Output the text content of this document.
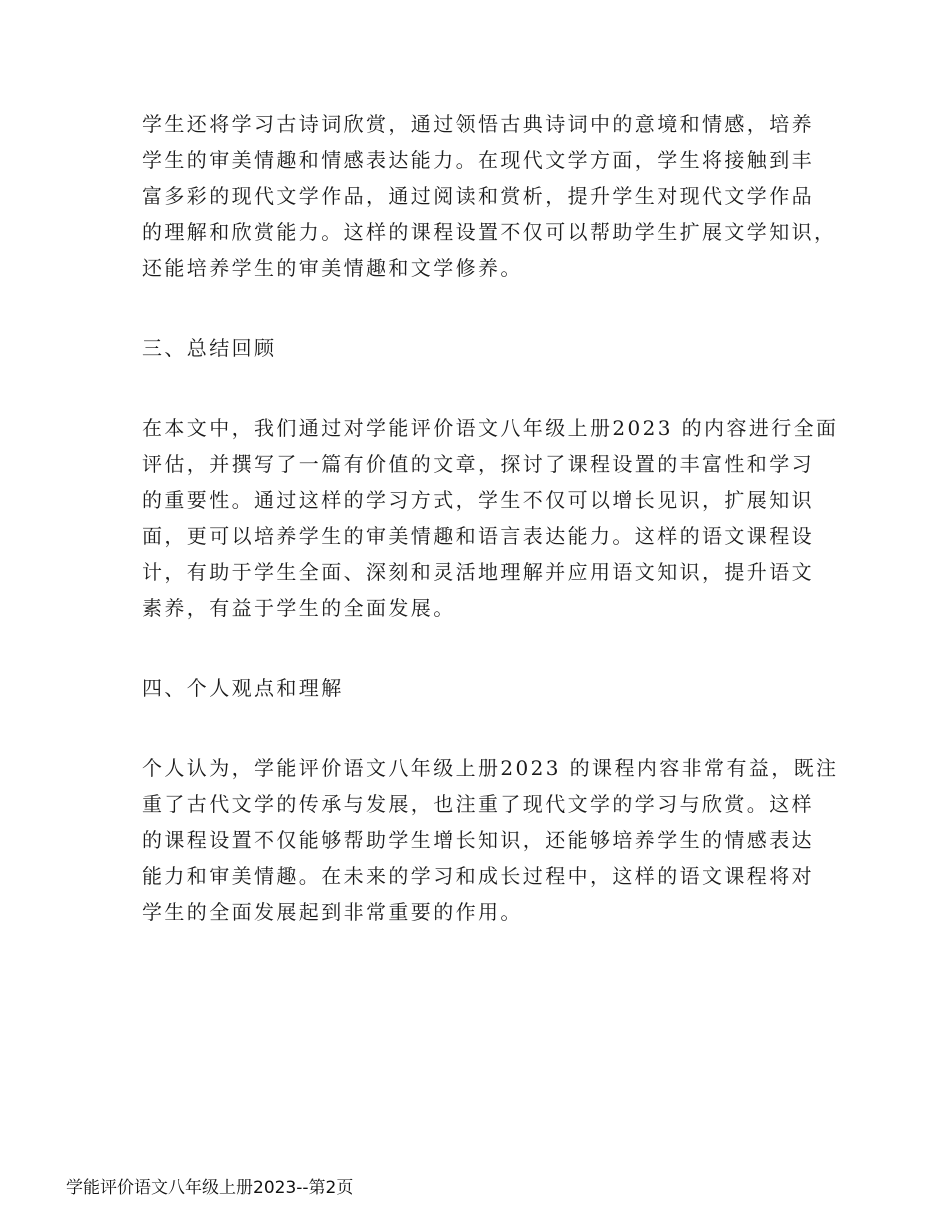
学生还将学习古诗词欣赏，通过领悟古典诗词中的意境和情感，培养
学生的审美情趣和情感表达能力。在现代文学方面，学生将接触到丰
富多彩的现代文学作品，通过阅读和赏析，提升学生对现代文学作品
的理解和欣赏能力。这样的课程设置不仅可以帮助学生扩展文学知识，
还能培养学生的审美情趣和文学修养。

三、总结回顾

在本文中，我们通过对学能评价语文八年级上册2023 的内容进行全面
评估，并撰写了一篇有价值的文章，探讨了课程设置的丰富性和学习
的重要性。通过这样的学习方式，学生不仅可以增长见识，扩展知识
面，更可以培养学生的审美情趣和语言表达能力。这样的语文课程设
计，有助于学生全面、深刻和灵活地理解并应用语文知识，提升语文
素养，有益于学生的全面发展。

四、个人观点和理解

个人认为，学能评价语文八年级上册2023 的课程内容非常有益，既注
重了古代文学的传承与发展，也注重了现代文学的学习与欣赏。这样
的课程设置不仅能够帮助学生增长知识，还能够培养学生的情感表达
能力和审美情趣。在未来的学习和成长过程中，这样的语文课程将对
学生的全面发展起到非常重要的作用。

学能评价语文八年级上册2023--第2页
